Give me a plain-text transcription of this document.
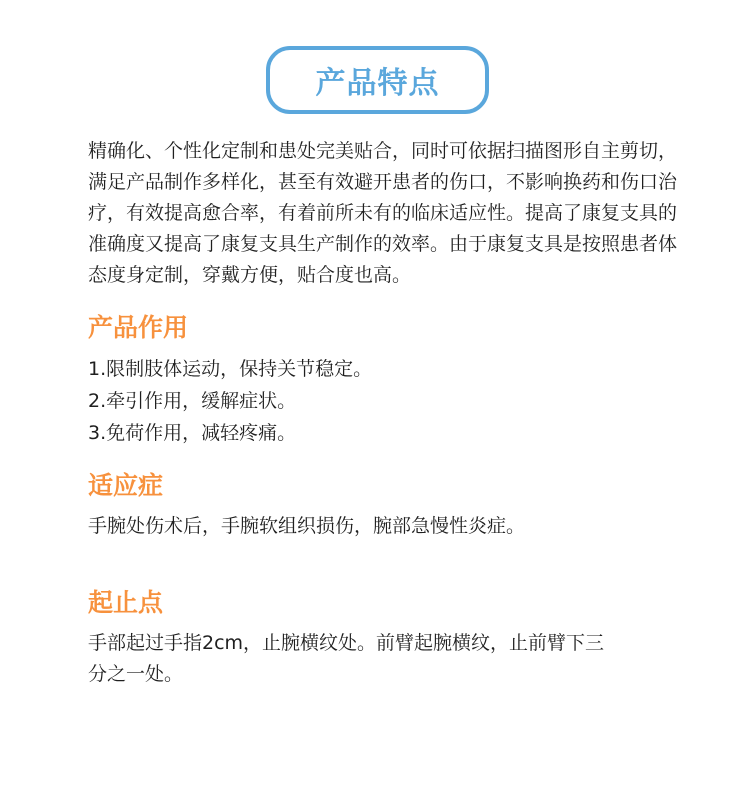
产品特点
精确化、个性化定制和患处完美贴合，同时可依据扫描图形自主剪切，
满足产品制作多样化，甚至有效避开患者的伤口，不影响换药和伤口治
疗，有效提高愈合率，有着前所未有的临床适应性。提高了康复支具的
准确度又提高了康复支具生产制作的效率。由于康复支具是按照患者体
态度身定制，穿戴方便，贴合度也高。
产品作用
1.限制肢体运动，保持关节稳定。
2.牵引作用，缓解症状。
3.免荷作用，减轻疼痛。
适应症
手腕处伤术后，手腕软组织损伤，腕部急慢性炎症。
起止点
手部起过手指2cm，止腕横纹处。前臂起腕横纹，止前臂下三
分之一处。
